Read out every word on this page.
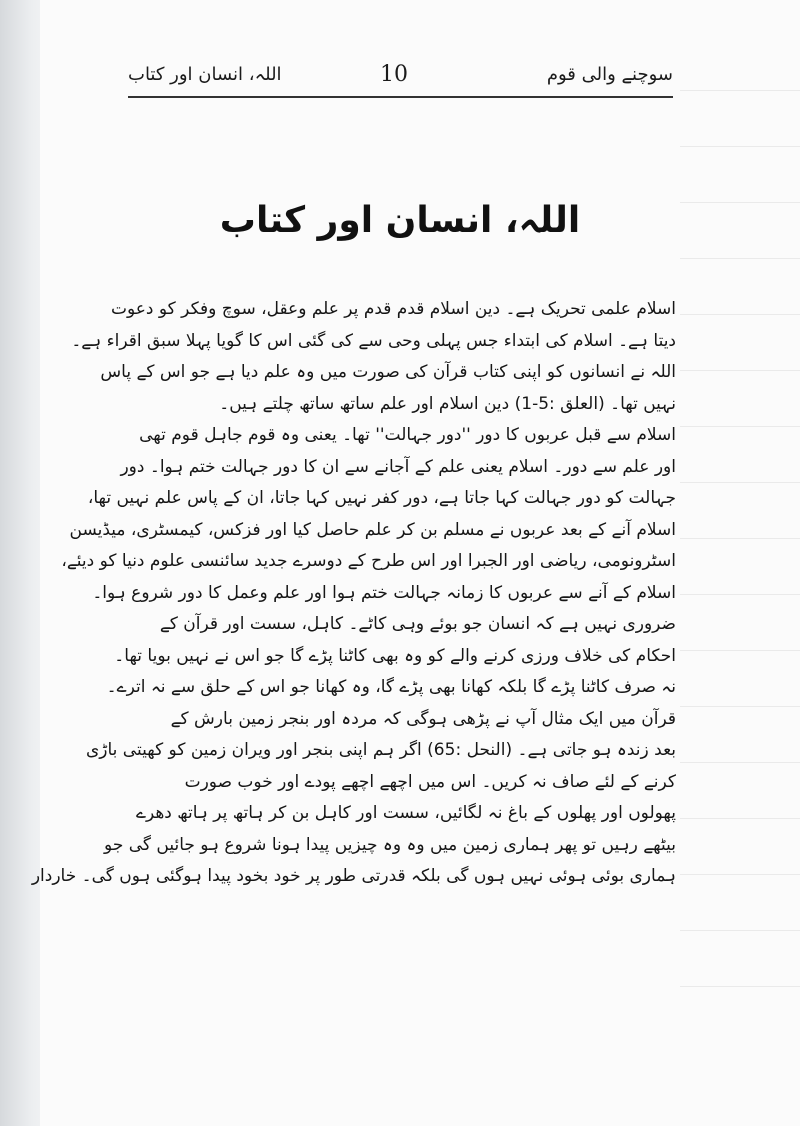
اللہ، انسان اور کتاب	10	سوچنے والی قوم
اللہ، انسان اور کتاب

اسلام علمی تحریک ہے۔ دین اسلام قدم قدم پر علم وعقل، سوچ وفکر کو دعوت
دیتا ہے۔ اسلام کی ابتداء جس پہلی وحی سے کی گئی اس کا گویا پہلا سبق اقراء ہے۔
اللہ نے انسانوں کو اپنی کتاب قرآن کی صورت میں وہ علم دیا ہے جو اس کے پاس
نہیں تھا۔ (العلق :5-1) دین اسلام اور علم ساتھ ساتھ چلتے ہیں۔

اسلام سے قبل عربوں کا دور ''دور جہالت'' تھا۔ یعنی وہ قوم جاہل قوم تھی
اور علم سے دور۔ اسلام یعنی علم کے آجانے سے ان کا دور جہالت ختم ہوا۔ دور
جہالت کو دور جہالت کہا جاتا ہے، دور کفر نہیں کہا جاتا، ان کے پاس علم نہیں تھا،
اسلام آنے کے بعد عربوں نے مسلم بن کر علم حاصل کیا اور فزکس، کیمسٹری، میڈیسن
اسٹرونومی، ریاضی اور الجبرا اور اس طرح کے دوسرے جدید سائنسی علوم دنیا کو دیئے،
اسلام کے آنے سے عربوں کا زمانہ جہالت ختم ہوا اور علم وعمل کا دور شروع ہوا۔

ضروری نہیں ہے کہ انسان جو بوئے وہی کاٹے۔ کاہل، سست اور قرآن کے
احکام کی خلاف ورزی کرنے والے کو وہ بھی کاٹنا پڑے گا جو اس نے نہیں بویا تھا۔
نہ صرف کاٹنا پڑے گا بلکہ کھانا بھی پڑے گا، وہ کھانا جو اس کے حلق سے نہ اترے۔

قرآن میں ایک مثال آپ نے پڑھی ہوگی کہ مردہ اور بنجر زمین بارش کے
بعد زندہ ہو جاتی ہے۔ (النحل :65) اگر ہم اپنی بنجر اور ویران زمین کو کھیتی باڑی
کرنے کے لئے صاف نہ کریں۔ اس میں اچھے اچھے پودے اور خوب صورت
پھولوں اور پھلوں کے باغ نہ لگائیں، سست اور کاہل بن کر ہاتھ پر ہاتھ دھرے
بیٹھے رہیں تو پھر ہماری زمین میں وہ وہ چیزیں پیدا ہونا شروع ہو جائیں گی جو
ہماری بوئی ہوئی نہیں ہوں گی بلکہ قدرتی طور پر خود بخود پیدا ہوگئی ہوں گی۔ خاردار
